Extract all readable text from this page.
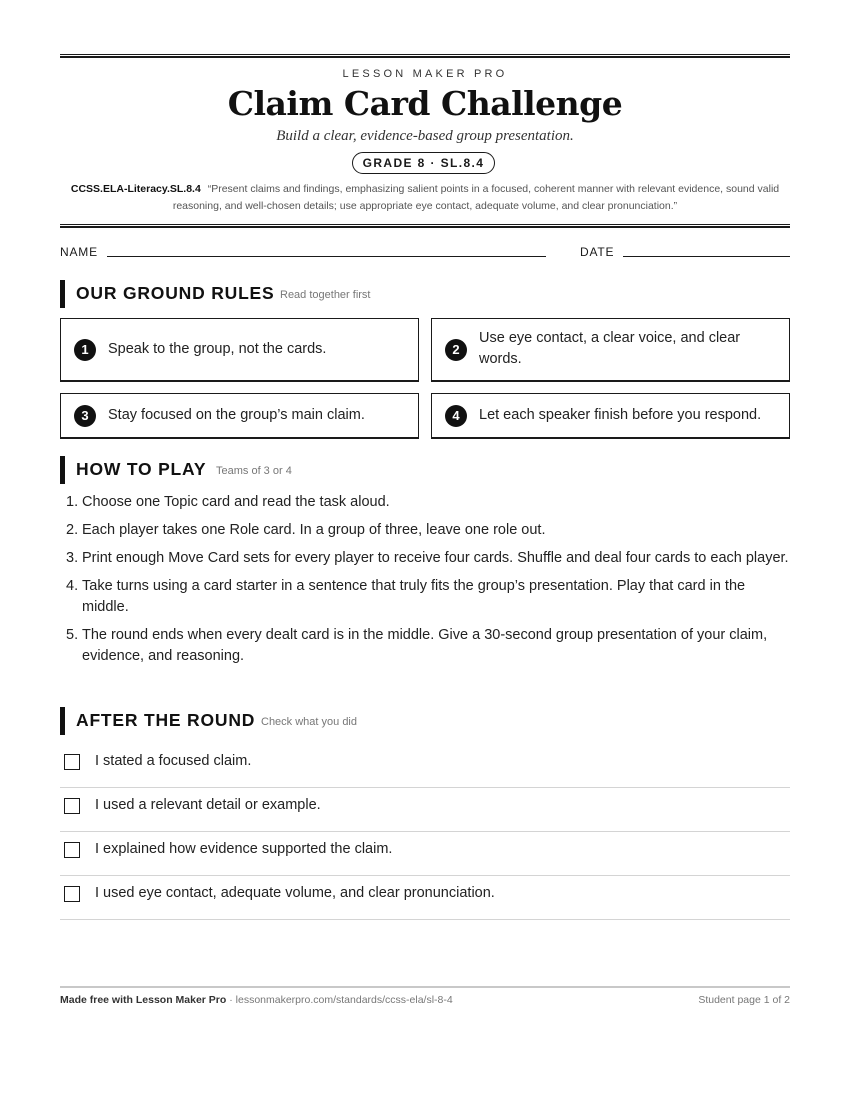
LESSON MAKER PRO
Claim Card Challenge
Build a clear, evidence-based group presentation.
GRADE 8 · SL.8.4
CCSS.ELA-Literacy.SL.8.4 “Present claims and findings, emphasizing salient points in a focused, coherent manner with relevant evidence, sound valid reasoning, and well-chosen details; use appropriate eye contact, adequate volume, and clear pronunciation.”
NAME	DATE
OUR GROUND RULES Read together first
1	Speak to the group, not the cards.	2
Use eye contact, a clear voice, and clear words.
3	Stay focused on the group’s main claim.	4	Let each speaker finish before you respond.
HOW TO PLAY Teams of 3 or 4
1. Choose one Topic card and read the task aloud.
2. Each player takes one Role card. In a group of three, leave one role out.
3. Print enough Move Card sets for every player to receive four cards. Shuffle and deal four cards to each player.
4. Take turns using a card starter in a sentence that truly fits the group’s presentation. Play that card in the middle.
5. The round ends when every dealt card is in the middle. Give a 30-second group presentation of your claim, evidence, and reasoning.
AFTER THE ROUND Check what you did
I stated a focused claim.
I used a relevant detail or example.
I explained how evidence supported the claim.
I used eye contact, adequate volume, and clear pronunciation.
Made free with Lesson Maker Pro · lessonmakerpro.com/standards/ccss-ela/sl-8-4	Student page 1 of 2
